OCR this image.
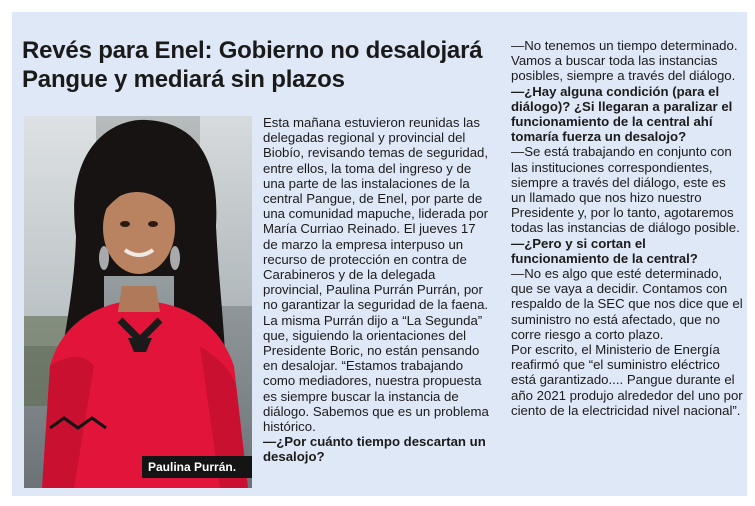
Revés para Enel: Gobierno no desalojará Pangue y mediará sin plazos
Paulina Purrán.

Esta mañana estuvieron reunidas las delegadas regional y provincial del Biobío, revisando temas de seguridad, entre ellos, la toma del ingreso y de una parte de las instalaciones de la central Pangue, de Enel, por parte de una comunidad mapuche, liderada por María Curriao Reinado. El jueves 17 de marzo la empresa interpuso un recurso de protección en contra de Carabineros y de la delegada provincial, Paulina Purrán Purrán, por no garantizar la seguridad de la faena.

La misma Purrán dijo a “La Segunda” que, siguiendo la orientaciones del Presidente Boric, no están pensando en desalojar. “Estamos trabajando como mediadores, nuestra propuesta es siempre buscar la instancia de diálogo. Sabemos que es un problema histórico.

—¿Por cuánto tiempo descartan un desalojo?

—No tenemos un tiempo determinado. Vamos a buscar toda las instancias posibles, siempre a través del diálogo.

—¿Hay alguna condición (para el diálogo)? ¿Si llegaran a paralizar el funcionamiento de la central ahí tomaría fuerza un desalojo?

—Se está trabajando en conjunto con las instituciones correspondientes, siempre a través del diálogo, este es un llamado que nos hizo nuestro Presidente y, por lo tanto, agotaremos todas las instancias de diálogo posible.

—¿Pero y si cortan el funcionamiento de la central?

—No es algo que esté determinado, que se vaya a decidir. Contamos con respaldo de la SEC que nos dice que el suministro no está afectado, que no corre riesgo a corto plazo.

Por escrito, el Ministerio de Energía reafirmó que “el suministro eléctrico está garantizado.... Pangue durante el año 2021 produjo alrededor del uno por ciento de la electricidad nivel nacional”.
